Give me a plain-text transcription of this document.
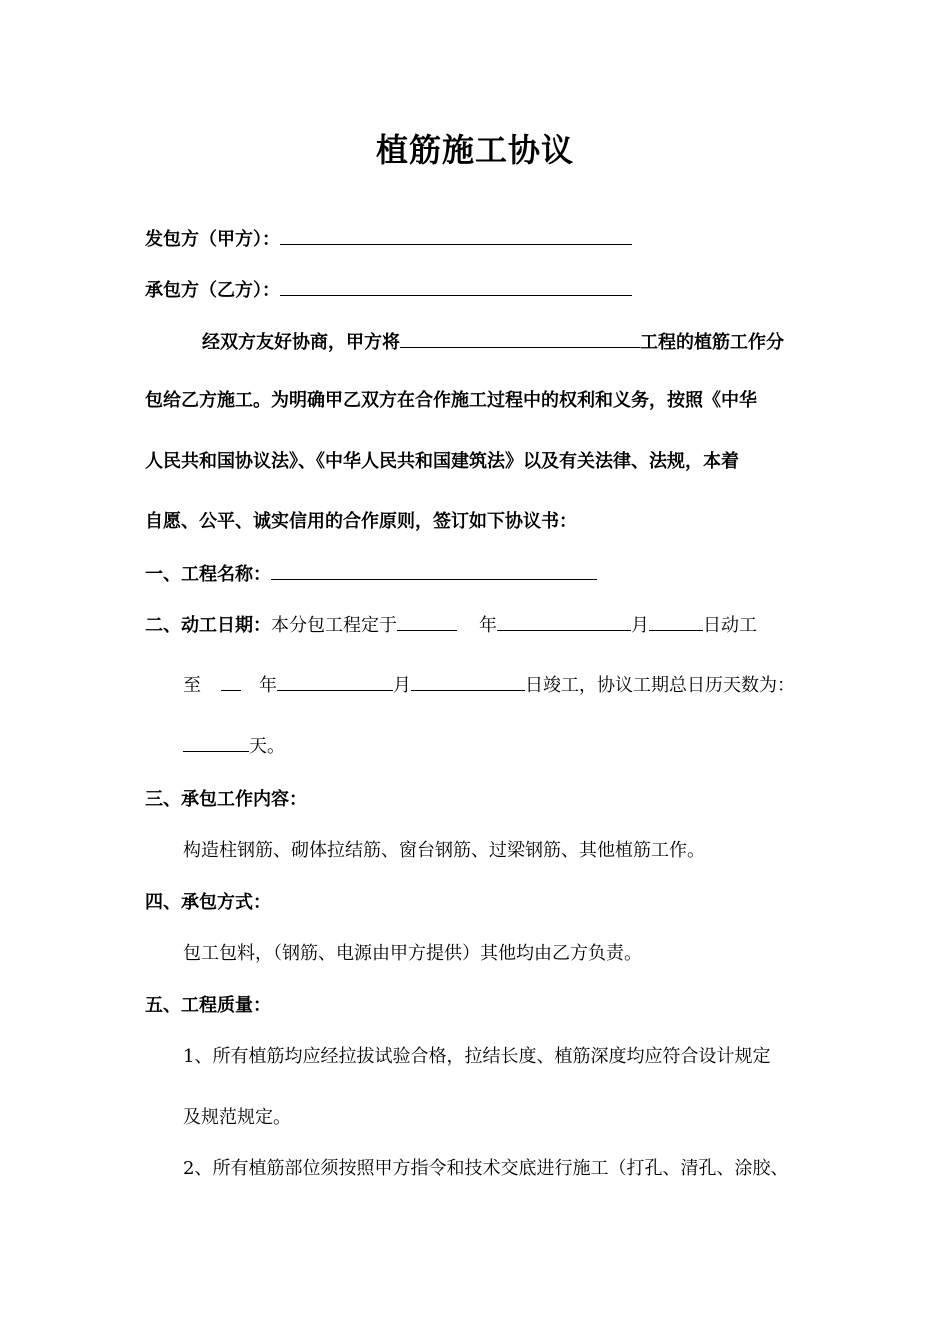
植筋施工协议
发包方（甲方）：
承包方（乙方）：
经双方友好协商，甲方将	工程的植筋工作分
包给乙方施工。为明确甲乙双方在合作施工过程中的权利和义务，按照《中华
人民共和国协议法》、《中华人民共和国建筑法》以及有关法律、法规，本着
自愿、公平、诚实信用的合作原则，签订如下协议书：
一、工程名称：
二、动工日期：本分包工程定于	年	月	日动工
至	年	月	日竣工，协议工期总日历天数为：
天。
三、承包工作内容：
构造柱钢筋、砌体拉结筋、窗台钢筋、过梁钢筋、其他植筋工作。
四、承包方式：
包工包料，（钢筋、电源由甲方提供）其他均由乙方负责。
五、工程质量：
1、所有植筋均应经拉拔试验合格，拉结长度、植筋深度均应符合设计规定
及规范规定。
2、所有植筋部位须按照甲方指令和技术交底进行施工（打孔、清孔、涂胶、
